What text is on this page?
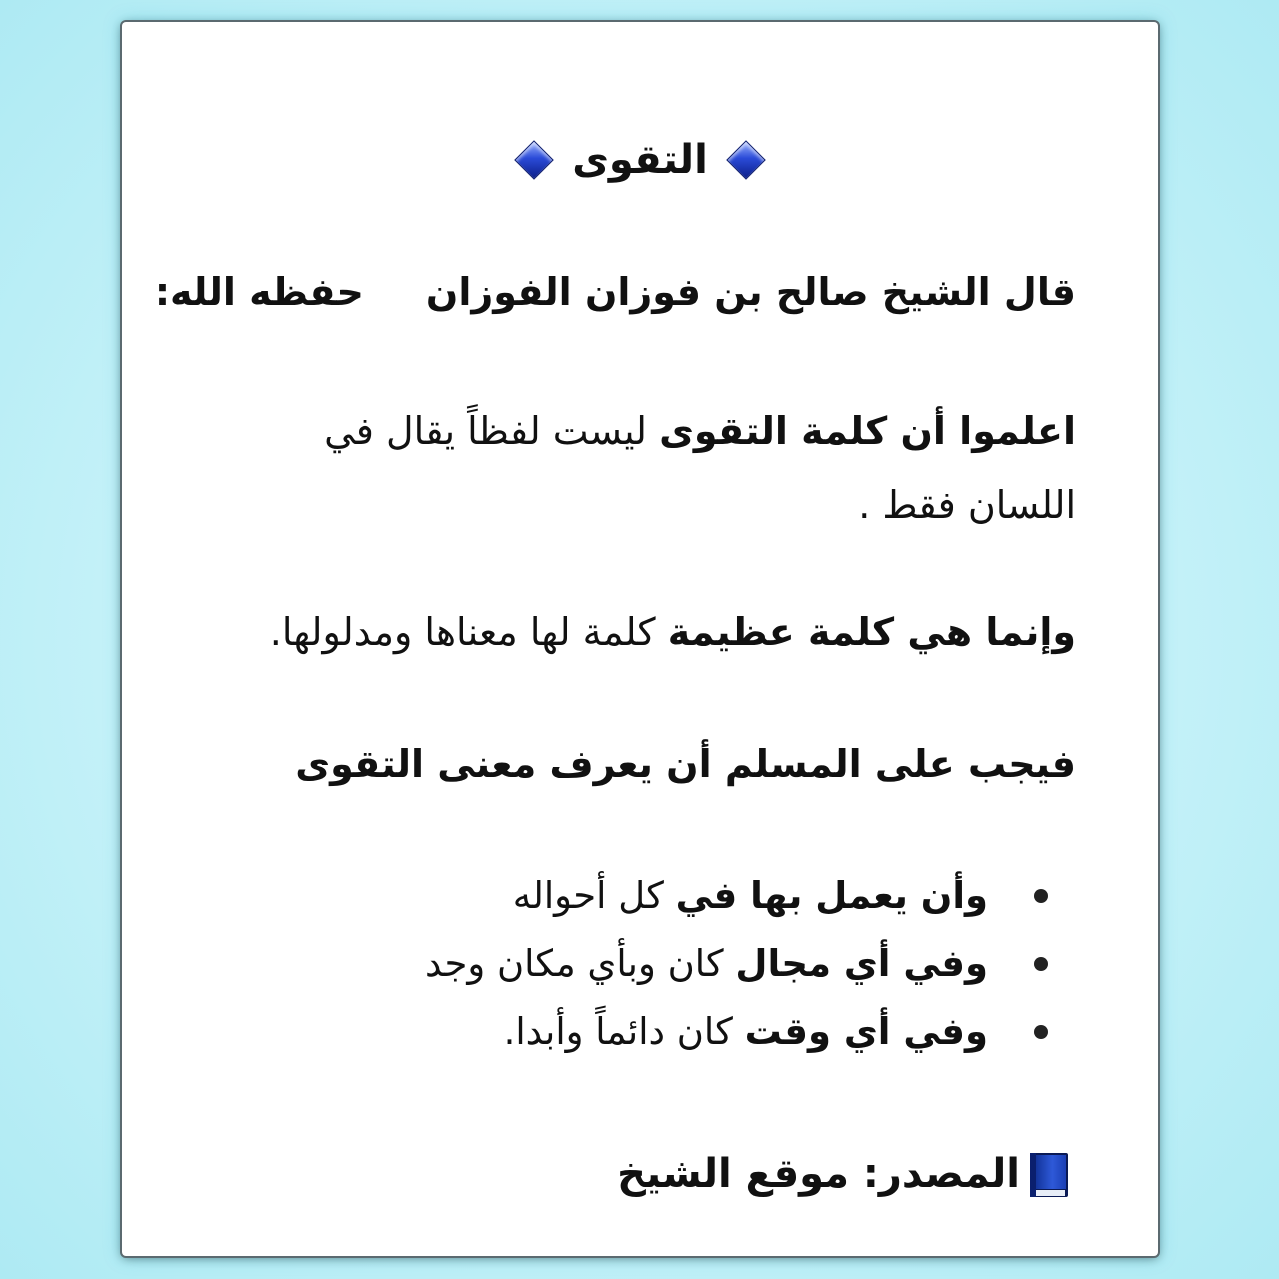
التقوى
قال الشيخ صالح بن فوزان الفوزانحفظه الله:
اعلموا أن كلمة التقوى ليست لفظاً يقال في اللسان فقط .
وإنما هي كلمة عظيمة كلمة لها معناها ومدلولها.
فيجب على المسلم أن يعرف معنى التقوى
وأن يعمل بها في كل أحواله
وفي أي مجال كان وبأي مكان وجد
وفي أي وقت كان دائماً وأبدا.
المصدر: موقع الشيخ
